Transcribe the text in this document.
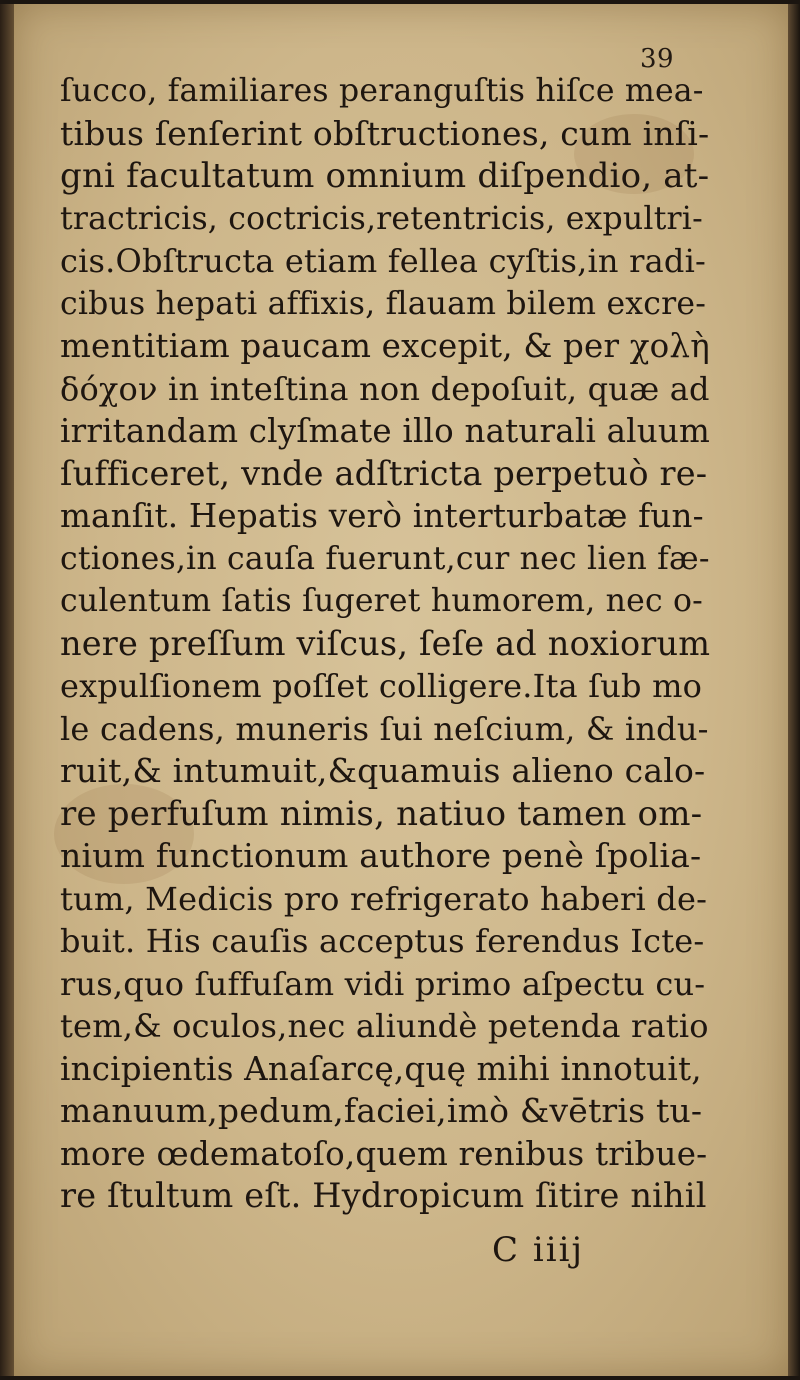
39
ſucco, familiares peranguſtis hiſce mea-
tibus ſenſerint obſtructiones, cum inſi-
gni facultatum omnium diſpendio, at-
tractricis, coctricis,retentricis, expultri-
cis.Obſtructa etiam fellea cyſtis,in radi-
cibus hepati affixis, flauam bilem excre-
mentitiam paucam excepit, & per χολὴ
δόχον in inteſtina non depoſuit, quæ ad
irritandam clyſmate illo naturali aluum
ſufficeret, vnde adſtricta perpetuò re-
manſit. Hepatis verò interturbatæ fun-
ctiones,in cauſa fuerunt,cur nec lien fæ-
culentum ſatis ſugeret humorem, nec o-
nere preſſum viſcus, ſeſe ad noxiorum
expulſionem poſſet colligere.Ita ſub mo
le cadens, muneris ſui neſcium, & indu-
ruit,& intumuit,&quamuis alieno calo-
re perfuſum nimis, natiuo tamen om-
nium functionum authore penè ſpolia-
tum, Medicis pro refrigerato haberi de-
buit. His cauſis acceptus ferendus Icte-
rus,quo ſuffuſam vidi primo aſpectu cu-
tem,& oculos,nec aliundè petenda ratio
incipientis Anaſarcę,quę mihi innotuit,
manuum,pedum,faciei,imò &vētris tu-
more œdematoſo,quem renibus tribue-
re ſtultum eſt. Hydropicum ſitire nihil
C iiij
